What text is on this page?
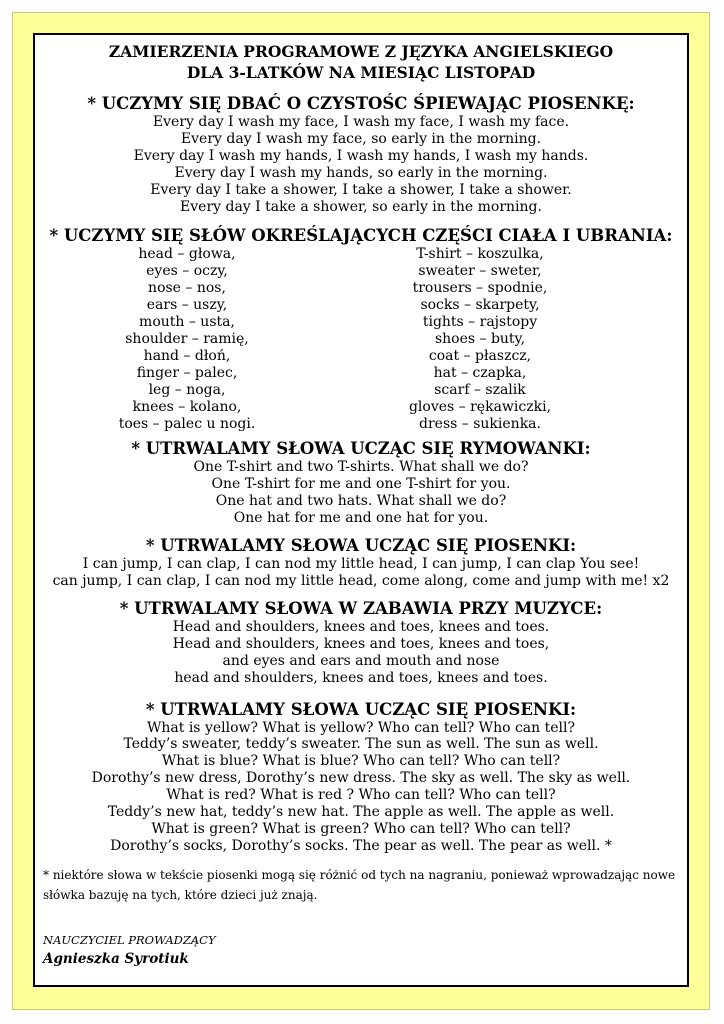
ZAMIERZENIA PROGRAMOWE Z JĘZYKA ANGIELSKIEGO
DLA 3-LATKÓW NA MIESIĄC LISTOPAD
* UCZYMY SIĘ DBAĆ O CZYSTOŚC ŚPIEWAJĄC PIOSENKĘ:
Every day I wash my face, I wash my face, I wash my face.
Every day I wash my face, so early in the morning.
Every day I wash my hands, I wash my hands, I wash my hands.
Every day I wash my hands, so early in the morning.
Every day I take a shower, I take a shower, I take a shower.
Every day I take a shower, so early in the morning.
* UCZYMY SIĘ SŁÓW OKREŚLAJĄCYCH CZĘŚCI CIAŁA I UBRANIA:
head – głowa,
eyes – oczy,
nose – nos,
ears – uszy,
mouth – usta,
shoulder – ramię,
hand – dłoń,
finger – palec,
leg – noga,
knees – kolano,
toes – palec u nogi.
T-shirt – koszulka,
sweater – sweter,
trousers – spodnie,
socks – skarpety,
tights – rajstopy
shoes – buty,
coat – płaszcz,
hat – czapka,
scarf – szalik
gloves – rękawiczki,
dress – sukienka.
* UTRWALAMY SŁOWA UCZĄC SIĘ RYMOWANKI:
One T-shirt and two T-shirts. What shall we do?
One T-shirt for me and one T-shirt for you.
One hat and two hats. What shall we do?
One hat for me and one hat for you.
* UTRWALAMY SŁOWA UCZĄC SIĘ PIOSENKI:
I can jump, I can clap, I can nod my little head, I can jump, I can clap You see!
can jump, I can clap, I can nod my little head, come along, come and jump with me! x2
* UTRWALAMY SŁOWA W ZABAWIA PRZY MUZYCE:
Head and shoulders, knees and toes, knees and toes.
Head and shoulders, knees and toes, knees and toes,
and eyes and ears and mouth and nose
head and shoulders, knees and toes, knees and toes.
* UTRWALAMY SŁOWA UCZĄC SIĘ PIOSENKI:
What is yellow? What is yellow? Who can tell? Who can tell?
Teddy’s sweater, teddy’s sweater. The sun as well. The sun as well.
What is blue? What is blue? Who can tell? Who can tell?
Dorothy’s new dress, Dorothy’s new dress. The sky as well. The sky as well.
What is red? What is red ? Who can tell? Who can tell?
Teddy’s new hat, teddy’s new hat. The apple as well. The apple as well.
What is green? What is green? Who can tell? Who can tell?
Dorothy’s socks, Dorothy’s socks. The pear as well. The pear as well. *
* niektóre słowa w tekście piosenki mogą się różnić od tych na nagraniu, ponieważ wprowadzając nowe słówka bazuję na tych, które dzieci już znają.
NAUCZYCIEL PROWADZĄCY
Agnieszka Syrotiuk
